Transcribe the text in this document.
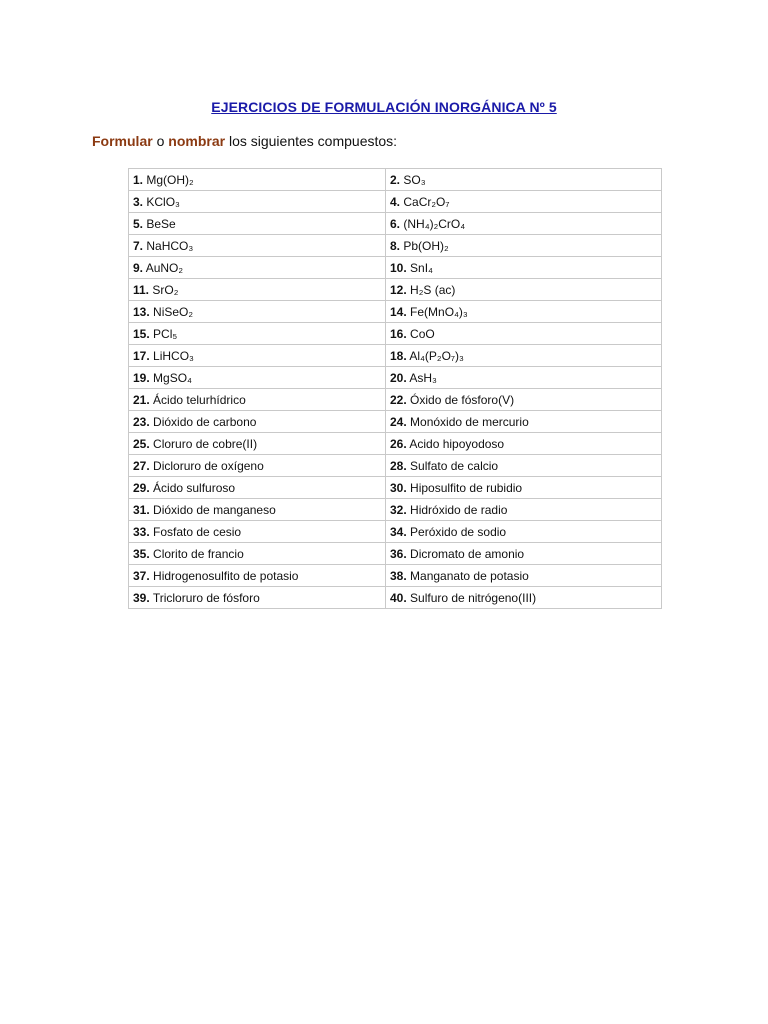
EJERCICIOS DE FORMULACIÓN INORGÁNICA Nº 5
Formular o nombrar los siguientes compuestos:
1. Mg(OH)₂	2. SO₃
3. KClO₃	4. CaCr₂O₇
5. BeSe	6. (NH₄)₂CrO₄
7. NaHCO₃	8. Pb(OH)₂
9. AuNO₂	10. SnI₄
11. SrO₂	12. H₂S (ac)
13. NiSeO₂	14. Fe(MnO₄)₃
15. PCl₅	16. CoO
17. LiHCO₃	18. Al₄(P₂O₇)₃
19. MgSO₄	20. AsH₃
21. Ácido telurhídrico	22. Óxido de fósforo(V)
23. Dióxido de carbono	24. Monóxido de mercurio
25. Cloruro de cobre(II)	26. Acido hipoyodoso
27. Dicloruro de oxígeno	28. Sulfato de calcio
29. Ácido sulfuroso	30. Hiposulfito de rubidio
31. Dióxido de manganeso	32. Hidróxido de radio
33. Fosfato de cesio	34. Peróxido de sodio
35. Clorito de francio	36. Dicromato de amonio
37. Hidrogenosulfito de potasio	38. Manganato de potasio
39. Tricloruro de fósforo	40. Sulfuro de nitrógeno(III)
